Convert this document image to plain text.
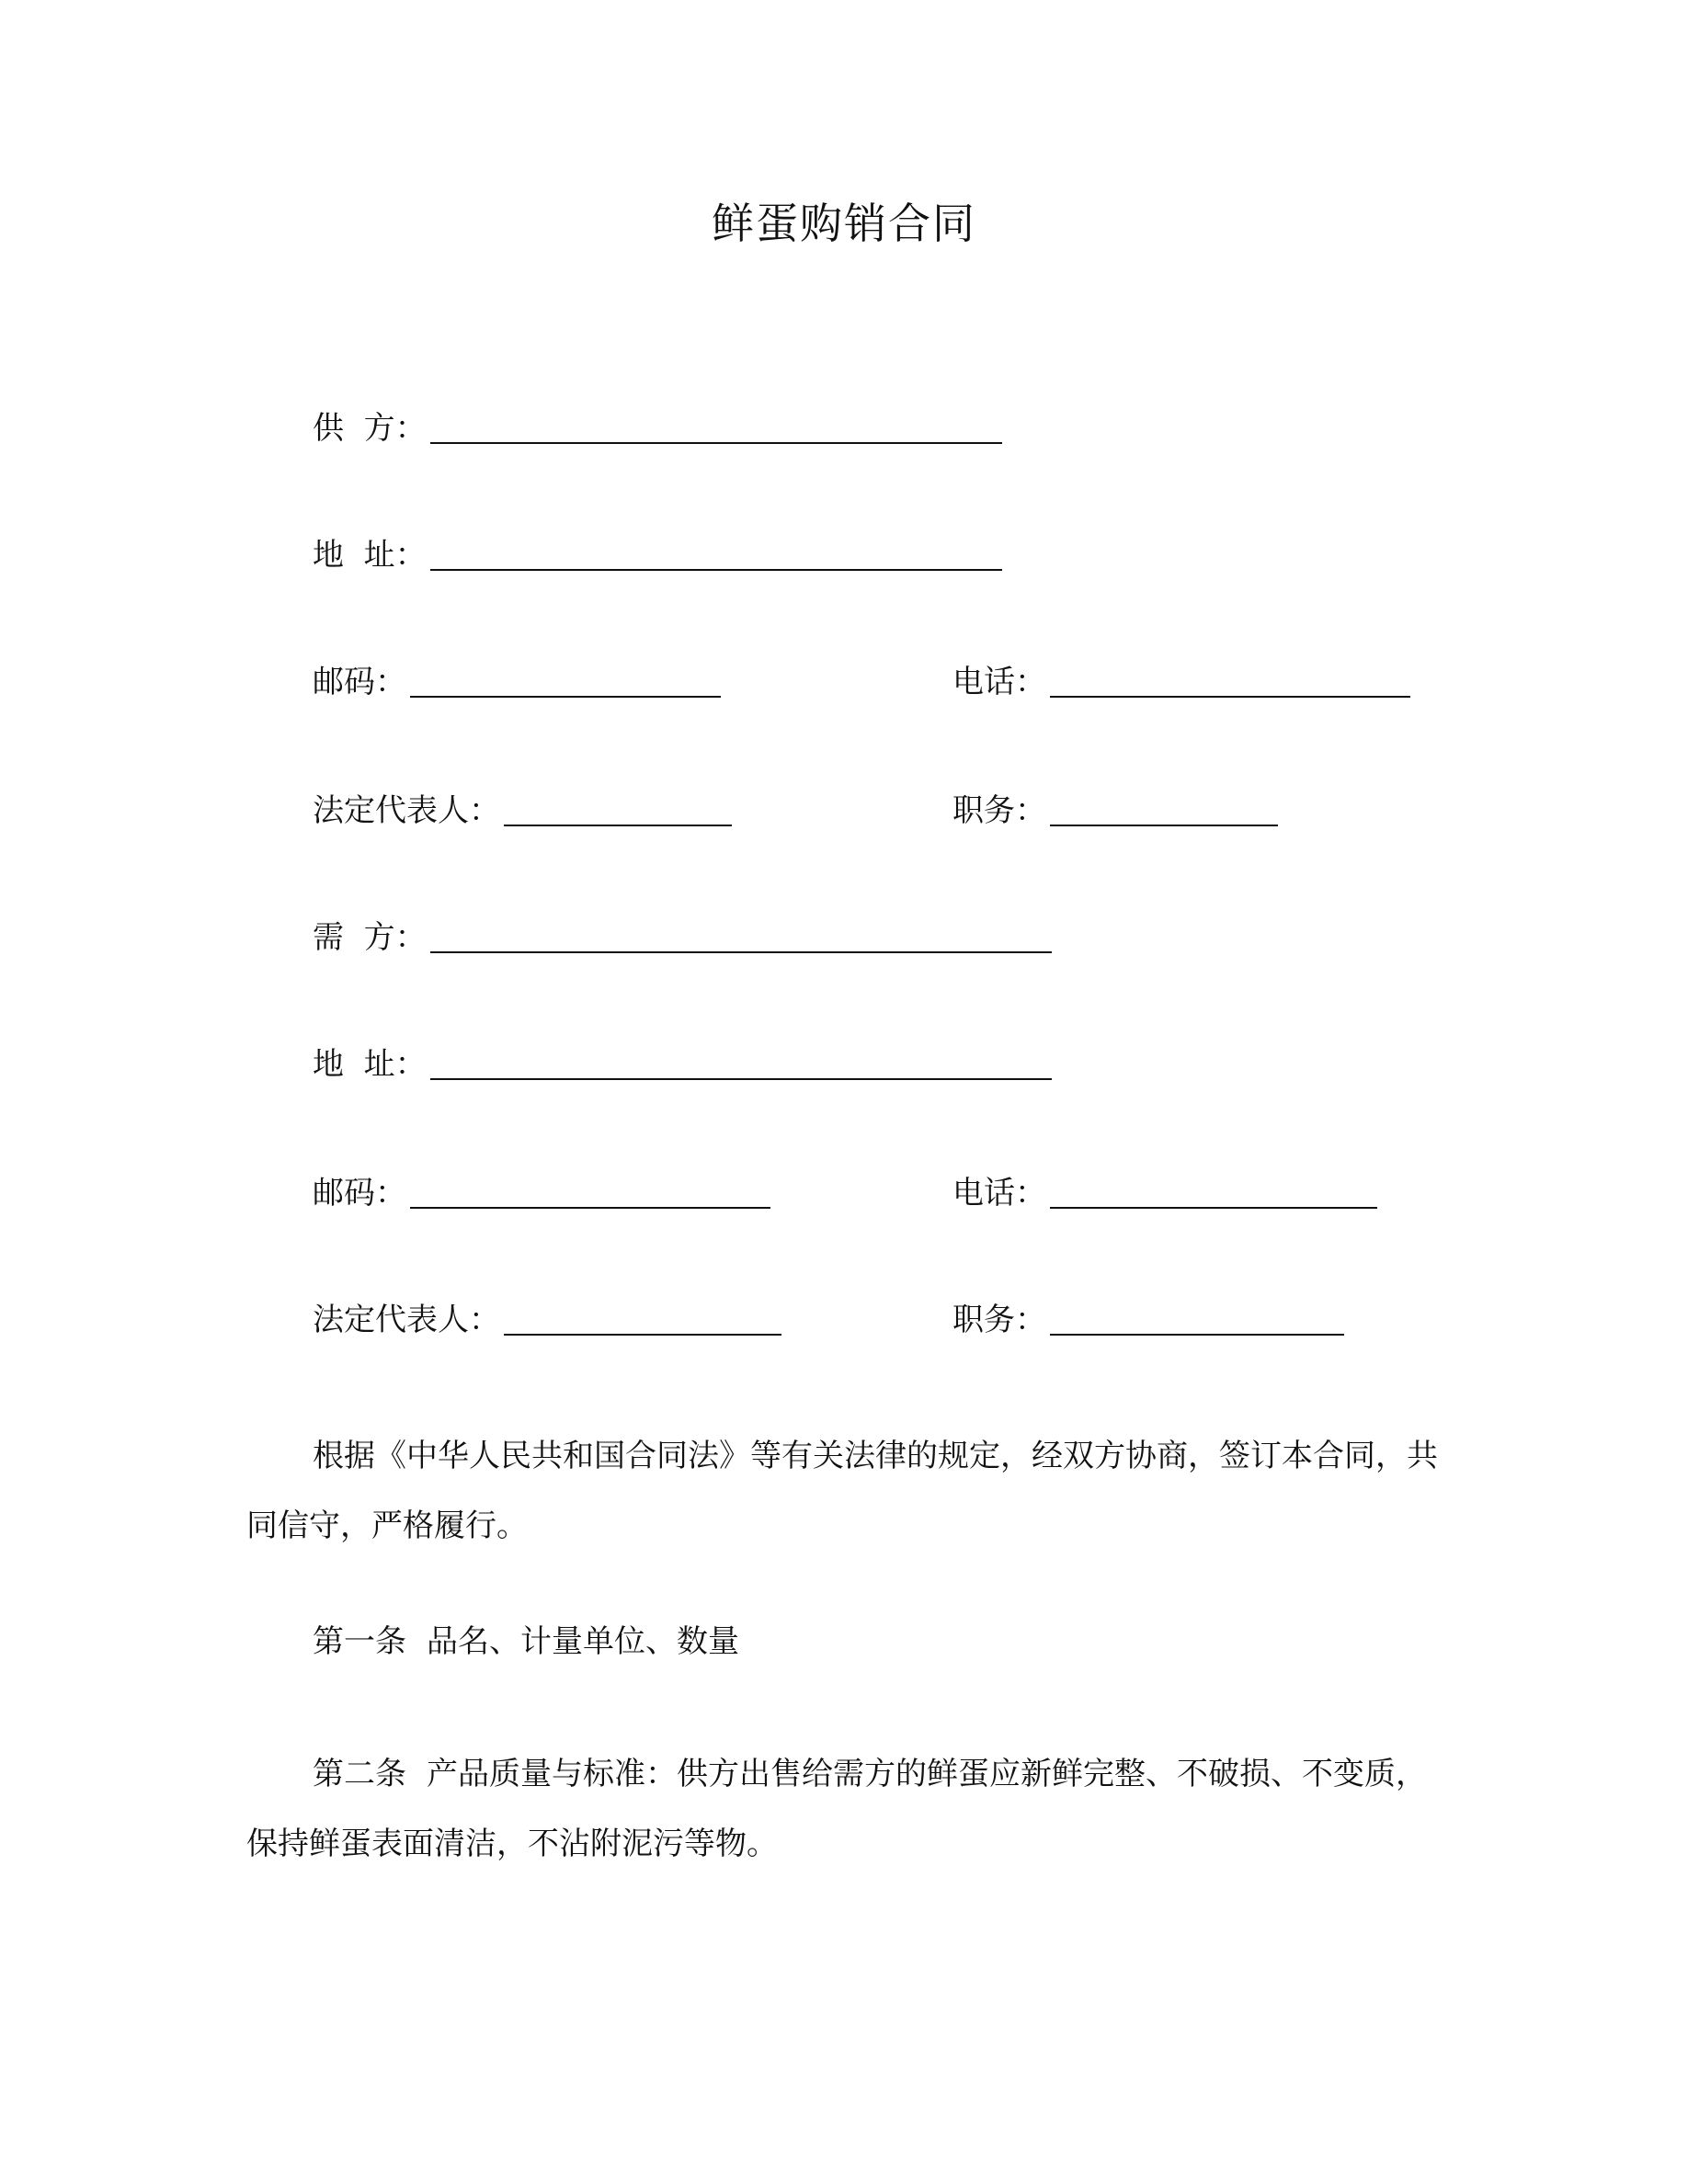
鲜蛋购销合同
供  方：
地  址：
邮码：	电话：
法定代表人：	职务：
需  方：
地  址：
邮码：	电话：
法定代表人：	职务：
根据《中华人民共和国合同法》等有关法律的规定，经双方协商，签订本合同，共同信守，严格履行。
第一条 品名、计量单位、数量
第二条 产品质量与标准：供方出售给需方的鲜蛋应新鲜完整、不破损、不变质，保持鲜蛋表面清洁，不沾附泥污等物。
